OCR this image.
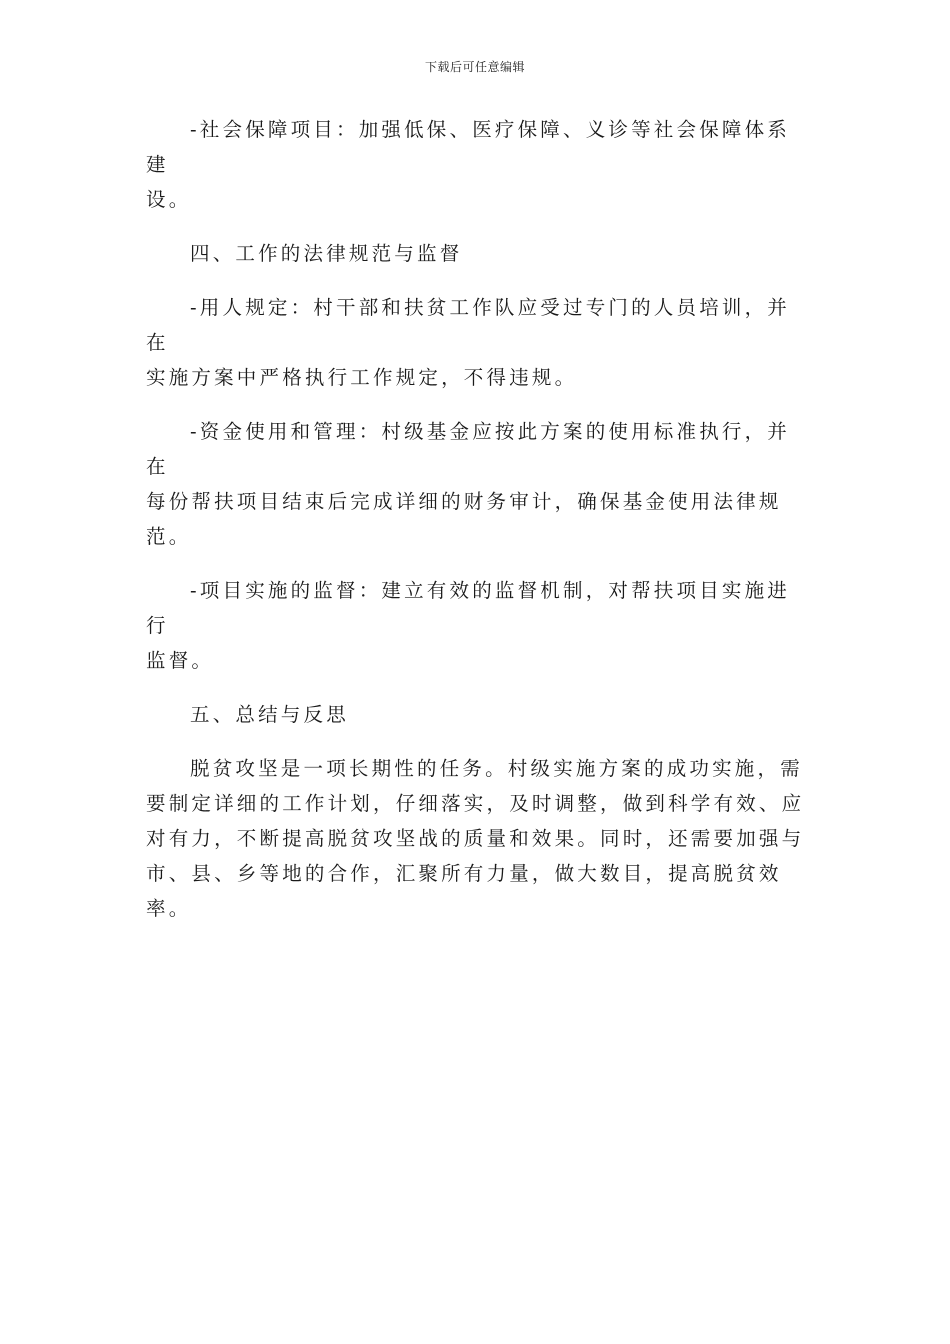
下载后可任意编辑

-社会保障项目：加强低保、医疗保障、义诊等社会保障体系建
设。

四、工作的法律规范与监督

-用人规定：村干部和扶贫工作队应受过专门的人员培训，并在
实施方案中严格执行工作规定，不得违规。

-资金使用和管理：村级基金应按此方案的使用标准执行，并在
每份帮扶项目结束后完成详细的财务审计，确保基金使用法律规范。

-项目实施的监督：建立有效的监督机制，对帮扶项目实施进行
监督。

五、总结与反思

脱贫攻坚是一项长期性的任务。村级实施方案的成功实施，需
要制定详细的工作计划，仔细落实，及时调整，做到科学有效、应
对有力，不断提高脱贫攻坚战的质量和效果。同时，还需要加强与
市、县、乡等地的合作，汇聚所有力量，做大数目，提高脱贫效率。
